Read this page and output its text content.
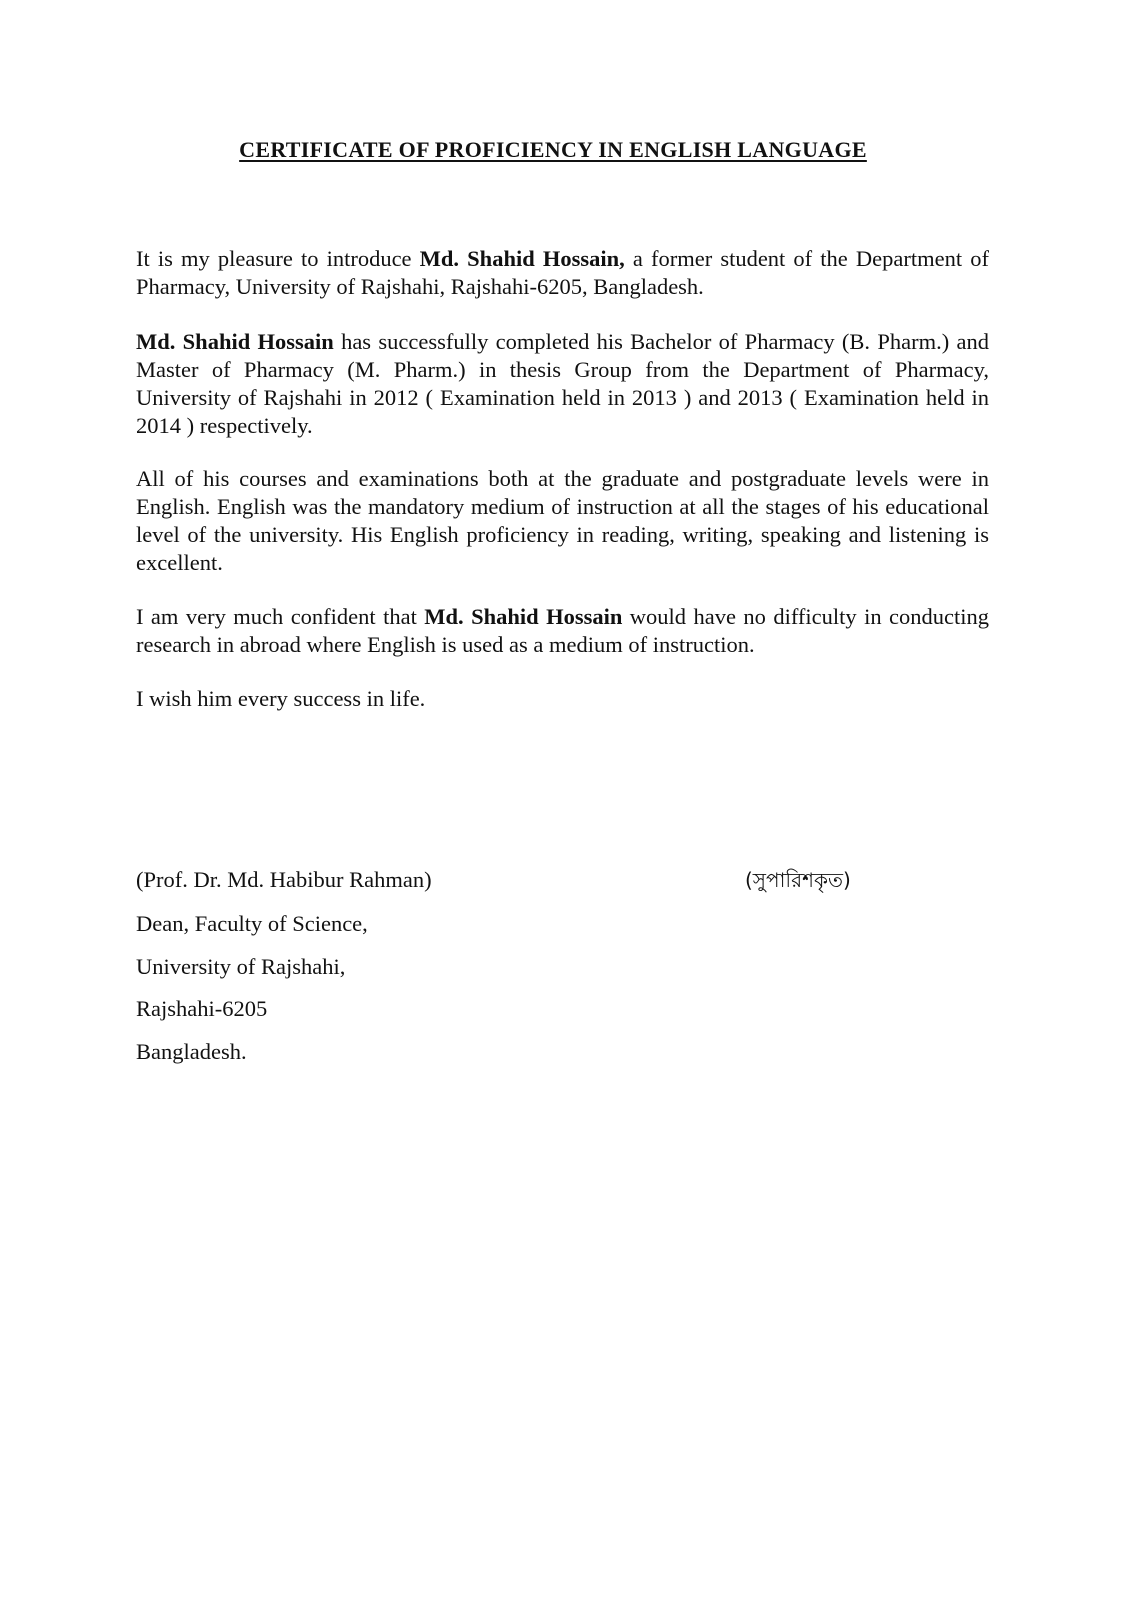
CERTIFICATE OF PROFICIENCY IN ENGLISH LANGUAGE

It is my pleasure to introduce Md. Shahid Hossain, a former student of the Department of Pharmacy, University of Rajshahi, Rajshahi-6205, Bangladesh.

Md. Shahid Hossain has successfully completed his Bachelor of Pharmacy (B. Pharm.) and Master of Pharmacy (M. Pharm.) in thesis Group from the Department of Pharmacy, University of Rajshahi in 2012 ( Examination held in 2013 ) and 2013 ( Examination held in 2014 ) respectively.

All of his courses and examinations both at the graduate and postgraduate levels were in English. English was the mandatory medium of instruction at all the stages of his educational level of the university. His English proficiency in reading, writing, speaking and listening is excellent.

I am very much confident that Md. Shahid Hossain would have no difficulty in conducting research in abroad where English is used as a medium of instruction.

I wish him every success in life.

(Prof. Dr. Md. Habibur Rahman)	(সুপারিশকৃত)
Dean, Faculty of Science,
University of Rajshahi,
Rajshahi-6205
Bangladesh.
